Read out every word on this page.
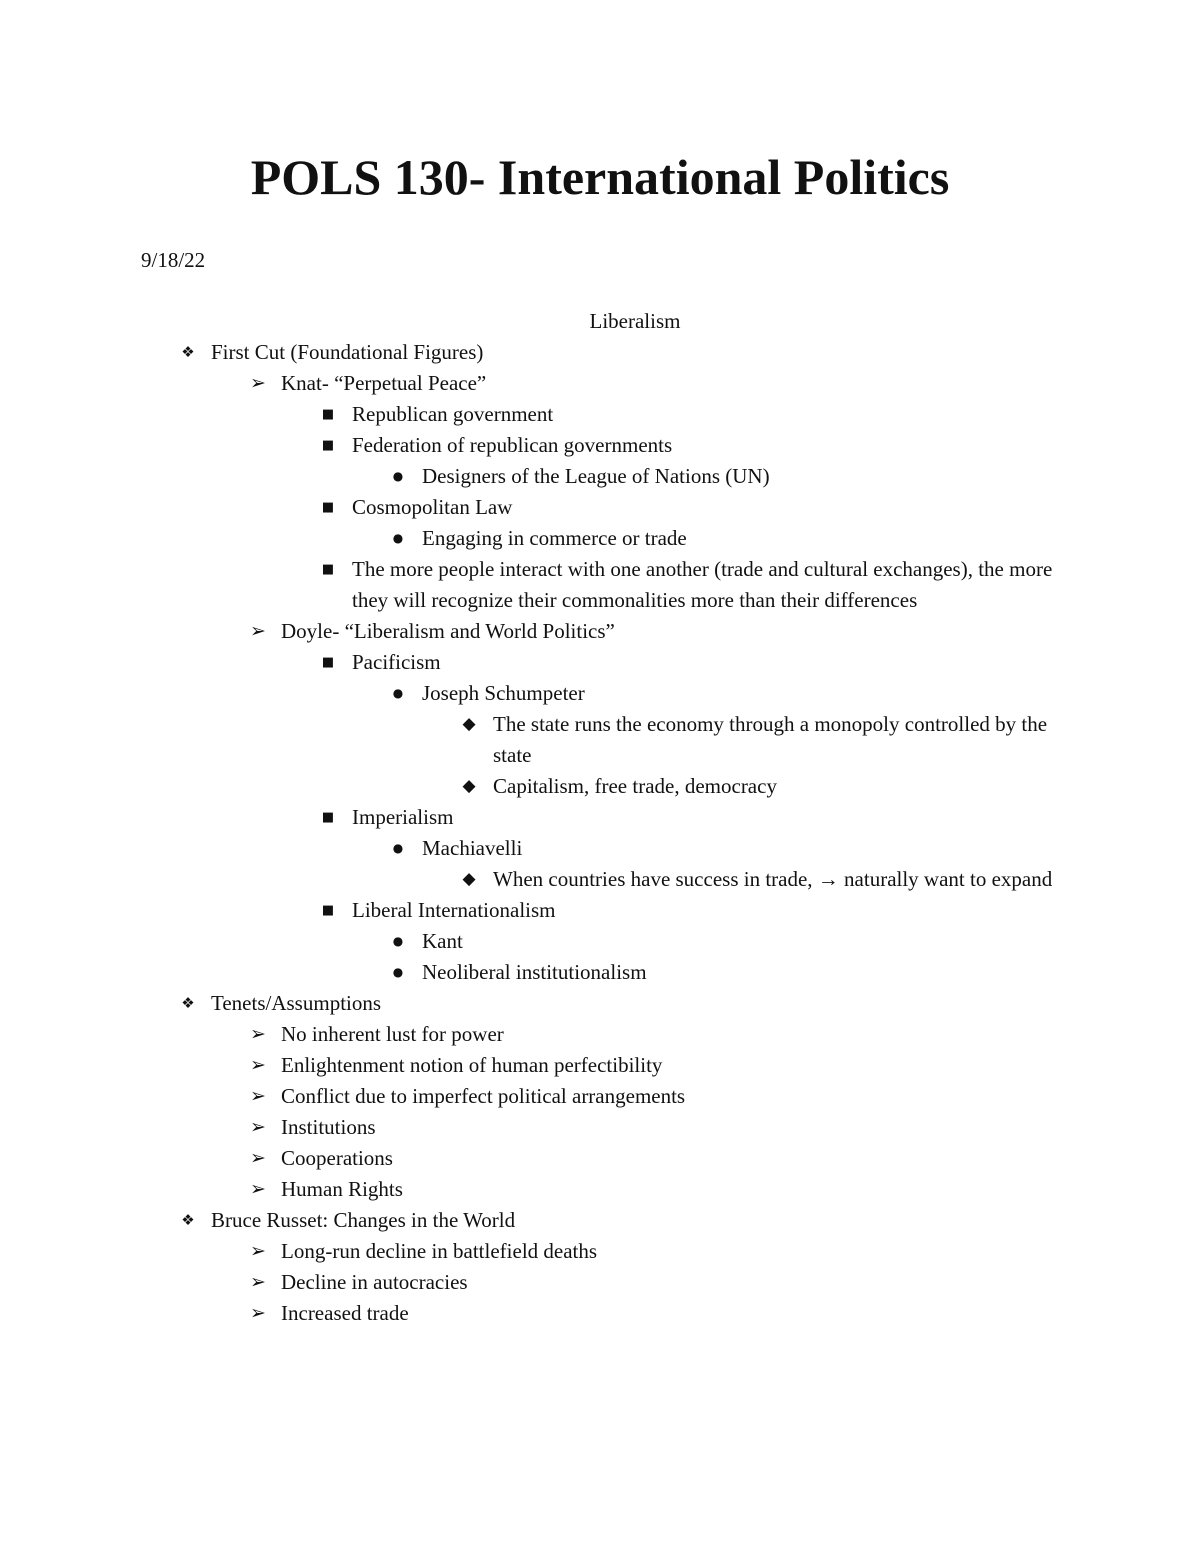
POLS 130- International Politics
9/18/22
Liberalism
❖ First Cut (Foundational Figures)
➢ Knat- “Perpetual Peace”
■ Republican government
■ Federation of republican governments
● Designers of the League of Nations (UN)
■ Cosmopolitan Law
● Engaging in commerce or trade
■ The more people interact with one another (trade and cultural exchanges), the more they will recognize their commonalities more than their differences
➢ Doyle- “Liberalism and World Politics”
■ Pacificism
● Joseph Schumpeter
◆ The state runs the economy through a monopoly controlled by the state
◆ Capitalism, free trade, democracy
■ Imperialism
● Machiavelli
◆ When countries have success in trade, → naturally want to expand
■ Liberal Internationalism
● Kant
● Neoliberal institutionalism
❖ Tenets/Assumptions
➢ No inherent lust for power
➢ Enlightenment notion of human perfectibility
➢ Conflict due to imperfect political arrangements
➢ Institutions
➢ Cooperations
➢ Human Rights
❖ Bruce Russet: Changes in the World
➢ Long-run decline in battlefield deaths
➢ Decline in autocracies
➢ Increased trade
